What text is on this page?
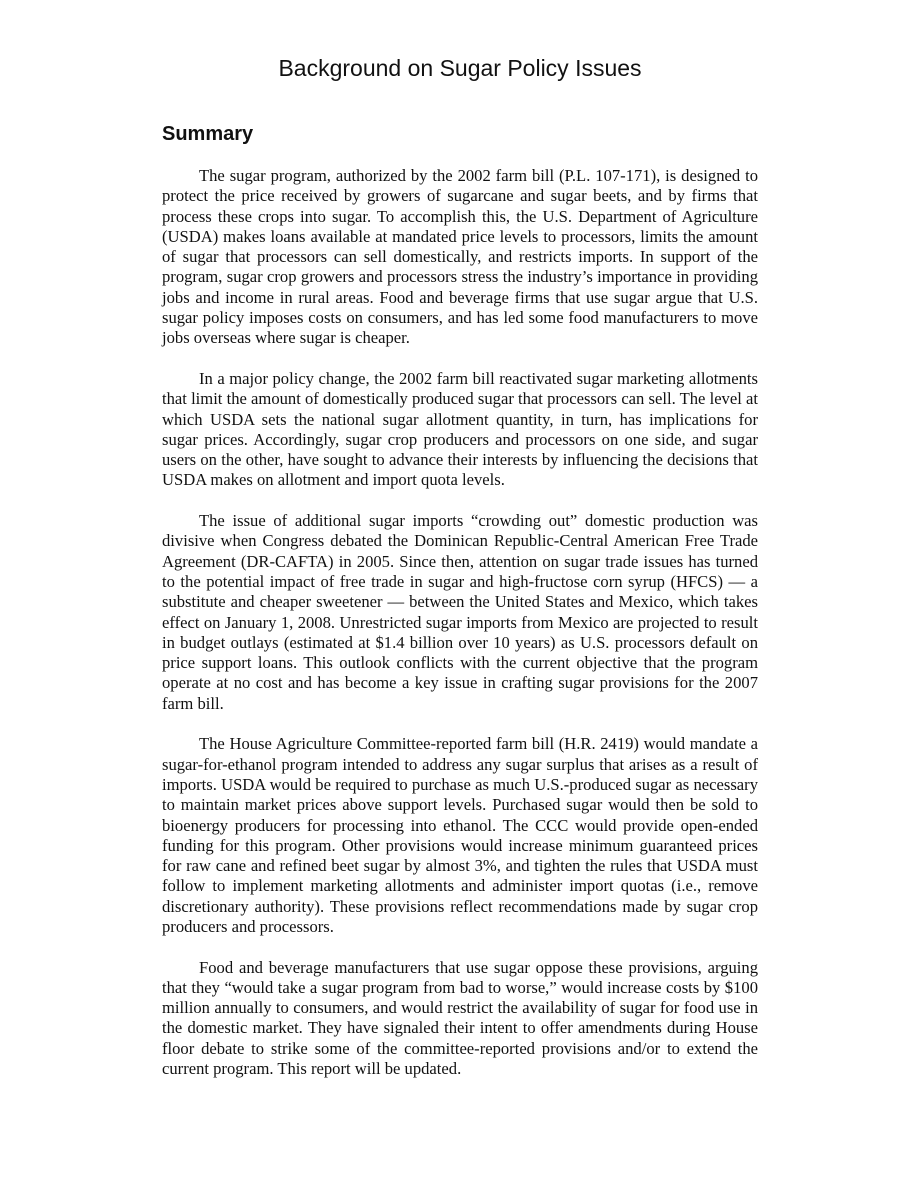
Background on Sugar Policy Issues
Summary

The sugar program, authorized by the 2002 farm bill (P.L. 107-171), is designed to protect the price received by growers of sugarcane and sugar beets, and by firms that process these crops into sugar. To accomplish this, the U.S. Department of Agriculture (USDA) makes loans available at mandated price levels to processors, limits the amount of sugar that processors can sell domestically, and restricts imports. In support of the program, sugar crop growers and processors stress the industry’s importance in providing jobs and income in rural areas. Food and beverage firms that use sugar argue that U.S. sugar policy imposes costs on consumers, and has led some food manufacturers to move jobs overseas where sugar is cheaper.

In a major policy change, the 2002 farm bill reactivated sugar marketing allotments that limit the amount of domestically produced sugar that processors can sell. The level at which USDA sets the national sugar allotment quantity, in turn, has implications for sugar prices. Accordingly, sugar crop producers and processors on one side, and sugar users on the other, have sought to advance their interests by influencing the decisions that USDA makes on allotment and import quota levels.

The issue of additional sugar imports “crowding out” domestic production was divisive when Congress debated the Dominican Republic-Central American Free Trade Agreement (DR-CAFTA) in 2005. Since then, attention on sugar trade issues has turned to the potential impact of free trade in sugar and high-fructose corn syrup (HFCS) — a substitute and cheaper sweetener — between the United States and Mexico, which takes effect on January 1, 2008. Unrestricted sugar imports from Mexico are projected to result in budget outlays (estimated at $1.4 billion over 10 years) as U.S. processors default on price support loans. This outlook conflicts with the current objective that the program operate at no cost and has become a key issue in crafting sugar provisions for the 2007 farm bill.

The House Agriculture Committee-reported farm bill (H.R. 2419) would mandate a sugar-for-ethanol program intended to address any sugar surplus that arises as a result of imports. USDA would be required to purchase as much U.S.-produced sugar as necessary to maintain market prices above support levels. Purchased sugar would then be sold to bioenergy producers for processing into ethanol. The CCC would provide open-ended funding for this program. Other provisions would increase minimum guaranteed prices for raw cane and refined beet sugar by almost 3%, and tighten the rules that USDA must follow to implement marketing allotments and administer import quotas (i.e., remove discretionary authority). These provisions reflect recommendations made by sugar crop producers and processors.

Food and beverage manufacturers that use sugar oppose these provisions, arguing that they “would take a sugar program from bad to worse,” would increase costs by $100 million annually to consumers, and would restrict the availability of sugar for food use in the domestic market. They have signaled their intent to offer amendments during House floor debate to strike some of the committee-reported provisions and/or to extend the current program. This report will be updated.
